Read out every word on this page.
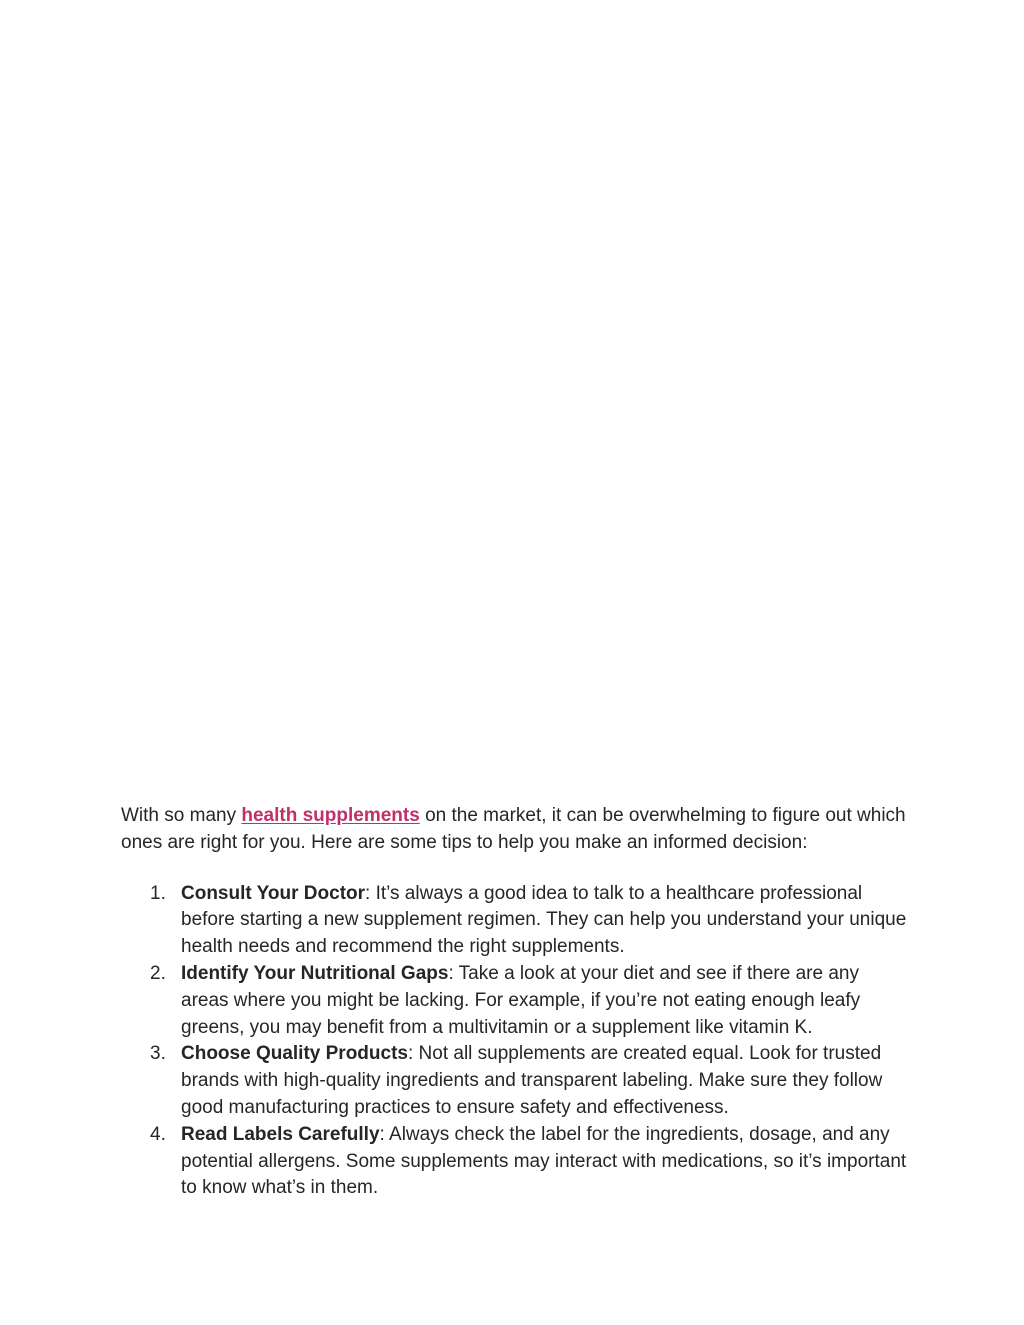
With so many health supplements on the market, it can be overwhelming to figure out which ones are right for you. Here are some tips to help you make an informed decision:

1. Consult Your Doctor: It’s always a good idea to talk to a healthcare professional before starting a new supplement regimen. They can help you understand your unique health needs and recommend the right supplements.
2. Identify Your Nutritional Gaps: Take a look at your diet and see if there are any areas where you might be lacking. For example, if you’re not eating enough leafy greens, you may benefit from a multivitamin or a supplement like vitamin K.
3. Choose Quality Products: Not all supplements are created equal. Look for trusted brands with high-quality ingredients and transparent labeling. Make sure they follow good manufacturing practices to ensure safety and effectiveness.
4. Read Labels Carefully: Always check the label for the ingredients, dosage, and any potential allergens. Some supplements may interact with medications, so it’s important to know what’s in them.
